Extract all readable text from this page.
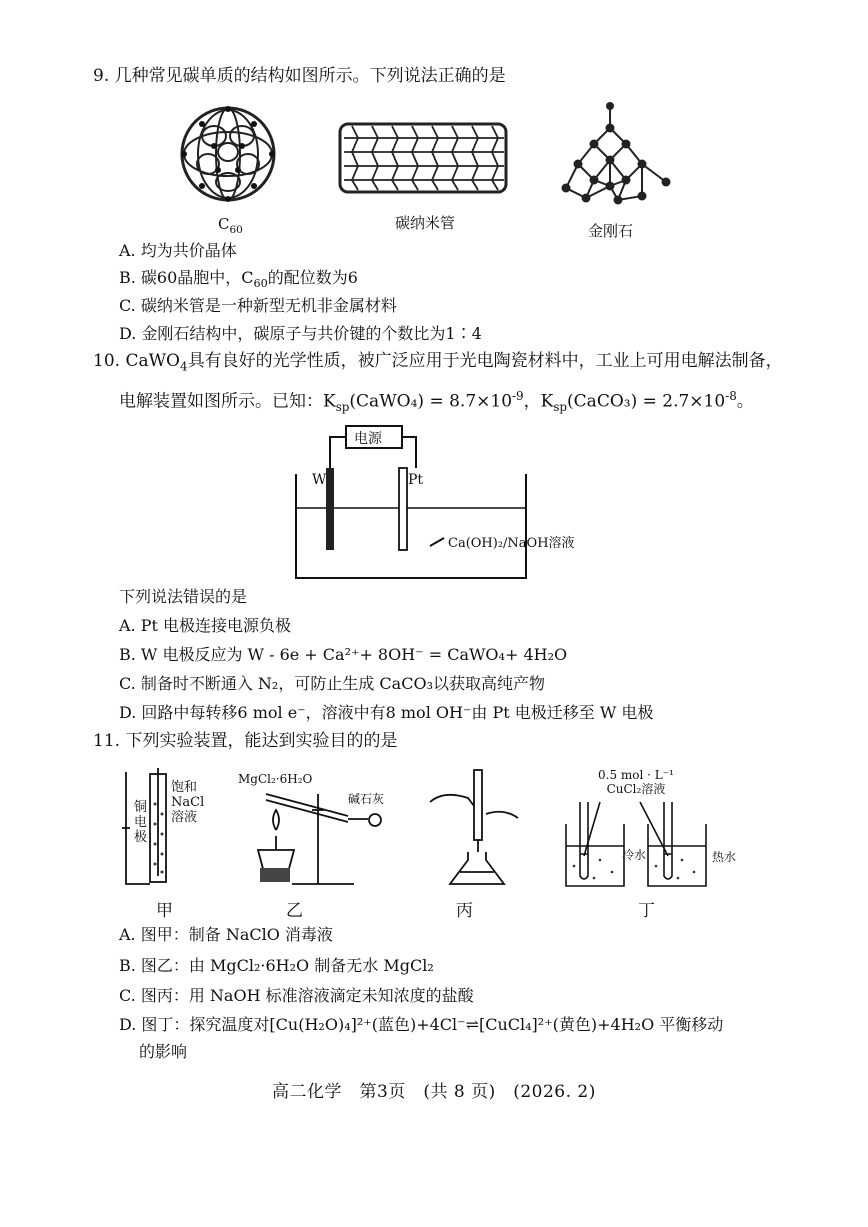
9. 几种常见碳单质的结构如图所示。下列说法正确的是
$C_{60}$	碳纳米管	金刚石
A. 均为共价晶体
B. 碳60晶胞中，$C_{60}$的配位数为6
C. 碳纳米管是一种新型无机非金属材料
D. 金刚石结构中，碳原子与共价键的个数比为1∶4
10. CaWO$_4$具有良好的光学性质，被广泛应用于光电陶瓷材料中，工业上可用电解法制备，
电解装置如图所示。已知：$K_{sp}(CaWO_4) = 8.7\times 10^{-9}$，$K_{sp}(CaCO_3) = 2.7\times 10^{-8}$。
电源
W	Pt
Ca(OH)₂/NaOH溶液
下列说法错误的是
A. Pt 电极连接电源负极
B. W 电极反应为 W - 6e + Ca²⁺+ 8OH⁻ = CaWO₄+ 4H₂O
C. 制备时不断通入 N₂，可防止生成 CaCO₃以获取高纯产物
D. 回路中每转移6 mol e⁻，溶液中有8 mol OH⁻由 Pt 电极迁移至 W 电极
11. 下列实验装置，能达到实验目的的是
铜电极
饱和
NaCl
溶液
甲
MgCl₂·6H₂O
碱石灰
乙	丙
0.5 mol · L⁻¹
CuCl₂溶液
冷水	热水
丁
A. 图甲：制备 NaClO 消毒液
B. 图乙：由 MgCl₂·6H₂O 制备无水 MgCl₂
C. 图丙：用 NaOH 标准溶液滴定未知浓度的盐酸
D. 图丁：探究温度对[Cu(H₂O)₄]²⁺(蓝色)+4Cl⁻⇌[CuCl₄]²⁺(黄色)+4H₂O 平衡移动
的影响
高二化学　第3页　(共 8 页)　(2026. 2)
